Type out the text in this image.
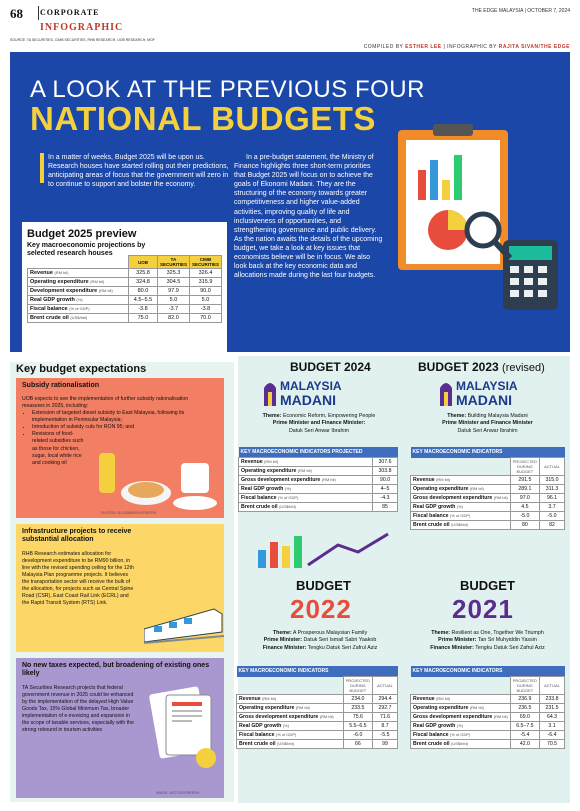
68 CORPORATE	THE EDGE MALAYSIA | OCTOBER 7, 2024
INFOGRAPHIC
SOURCE: TA SECURITIES, CIMB SECURITIES, RHB RESEARCH, UOB RESEARCH, MOF
COMPILED BY ESTHER LEE | INFOGRAPHIC BY RAJITA SIVAN/THE EDGE
A LOOK AT THE PREVIOUS FOUR
NATIONAL BUDGETS
In a matter of weeks, Budget 2025 will be upon us. Research houses have started rolling out their predictions, anticipating areas of focus that the government will zero in to continue to support and bolster the economy.
In a pre-budget statement, the Ministry of Finance highlights three short-term priorities that Budget 2025 will focus on to achieve the goals of Ekonomi Madani. They are the structuring of the economy towards greater competitiveness and higher value-added activities, improving quality of life and inclusiveness of opportunities, and strengthening governance and public delivery. As the nation awaits the details of the upcoming budget, we take a look at key issues that economists believe will be in focus. We also look back at the key economic data and allocations made during the last four budgets.
Budget 2025 preview
Key macroeconomic projections by selected research houses
	UOB	TA SECURITIES	CIMB SECURITIES
Revenue (RM bil)	325.8	325.3	326.4
Operating expenditure (RM bil)	324.8	304.5	315.9
Development expenditure (RM bil)	80.0	97.9	90.0
Real GDP growth (%)	4.5–5.5	5.0	5.0
Fiscal balance (% of GDP)	-3.8	-3.7	-3.8
Brent crude oil (US$/bbl)	75.0	82.0	70.0
Key budget expectations
Subsidy rationalisation
UOB expects to see the implementation of further subsidy rationalisation measures in 2025, including:
• Extension of targeted diesel subsidy to East Malaysia, following its implementation in Peninsular Malaysia;
• Introduction of subsidy cuts for RON 95; and
• Revisions of food-related subsidies such as those for chicken, sugar, local white rice and cooking oil
PHOTOS: BLOOMBERG/FREEPIK
Infrastructure projects to receive substantial allocation
RHB Research estimates allocation for development expenditure to be RM90 billion, in line with the revised spending ceiling for the 12th Malaysia Plan programme projects. It believes the transportation sector will receive the bulk of the allocation, for projects such as Central Spine Road (CSR), East Coast Rail Link (ECRL) and the Rapid Transit System (RTS) Link.
No new taxes expected, but broadening of existing ones likely
TA Securities Research projects that federal government revenue in 2025 could be enhanced by the implementation of the delayed High Value Goods Tax, 15% Global Minimum Tax, broader implementation of e-invoicing and expansion in the scope of taxable services, especially with the strong rebound in tourism activities
IMAGE: VECTOR/FREEPIK
BUDGET 2024
MALAYSIA
MADANI
Theme: Economic Reform, Empowering People
Prime Minister and Finance Minister:
Datuk Seri Anwar Ibrahim
KEY MACROECONOMIC INDICATORS PROJECTED	
Revenue (RM bil)	307.6
Operating expenditure (RM bil)	303.8
Gross development expenditure (RM bil)	90.0
Real GDP growth (%)	4–5
Fiscal balance (% of GDP)	-4.3
Brent crude oil (US$/bbl)	85
BUDGET 2023 (revised)
MALAYSIA
MADANI
Theme: Building Malaysia Madani
Prime Minister and Finance Minister
Datuk Seri Anwar Ibrahim
KEY MACROECONOMIC INDICATORS		
	PROJECTED DURING BUDGET	ACTUAL
Revenue (RM bil)	291.5	315.0
Operating expenditure (RM bil)	289.1	311.3
Gross development expenditure (RM bil)	97.0	96.1
Real GDP growth (%)	4.5	3.7
Fiscal balance (% of GDP)	-5.0	-5.0
Brent crude oil (US$/bbl)	80	82
BUDGET
2022
Theme: A Prosperous Malaysian Family
Prime Minister: Datuk Seri Ismail Sabri Yaakob
Finance Minister: Tengku Datuk Seri Zafrul Aziz
KEY MACROECONOMIC INDICATORS		
	PROJECTED DURING BUDGET	ACTUAL
Revenue (RM bil)	234.0	294.4
Operating expenditure (RM bil)	233.5	292.7
Gross development expenditure (RM bil)	75.6	71.6
Real GDP growth (%)	5.5–6.5	8.7
Fiscal balance (% of GDP)	-6.0	-5.5
Brent crude oil (US$/bbl)	66	99
BUDGET
2021
Theme: Resilient as One, Together We Triumph
Prime Minister: Tan Sri Muhyiddin Yassin
Finance Minister: Tengku Datuk Seri Zafrul Aziz
KEY MACROECONOMIC INDICATORS		
	PROJECTED DURING BUDGET	ACTUAL
Revenue (RM bil)	236.9	233.8
Operating expenditure (RM bil)	236.5	231.5
Gross development expenditure (RM bil)	69.0	64.3
Real GDP growth (%)	6.5–7.5	3.1
Fiscal balance (% of GDP)	-5.4	-6.4
Brent crude oil (US$/bbl)	42.0	70.5
